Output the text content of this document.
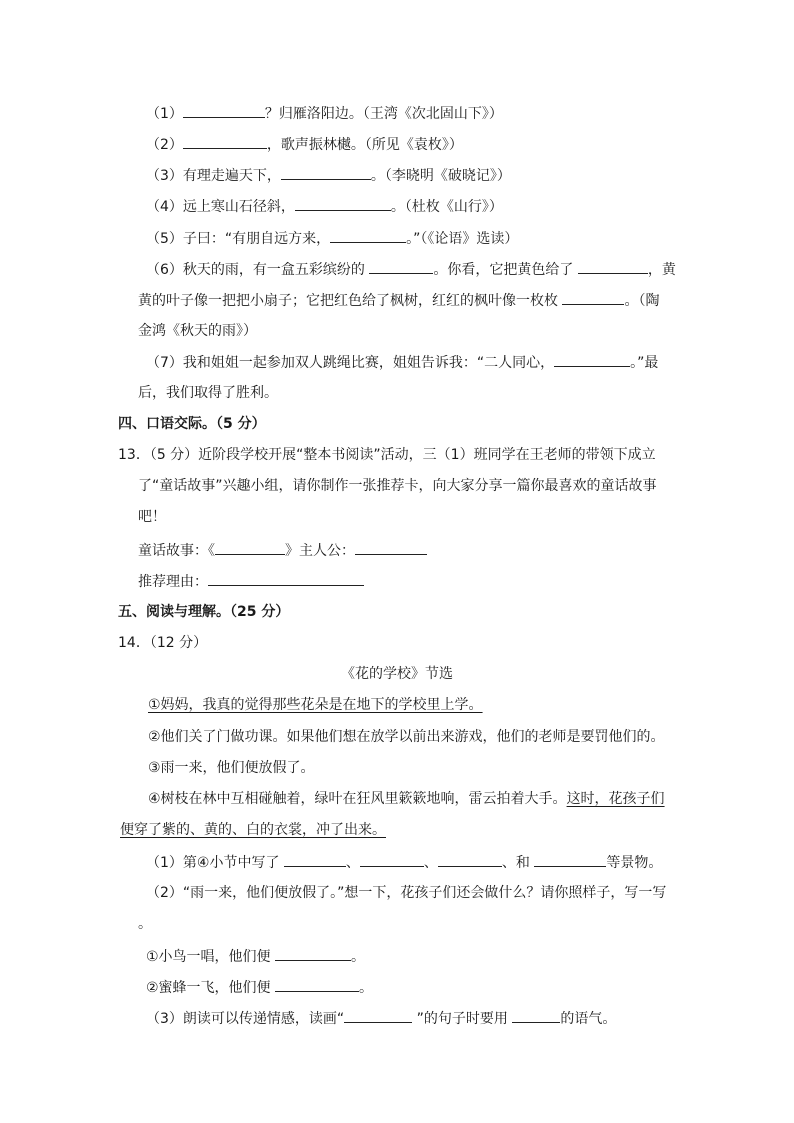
（1）	？归雁洛阳边。（王湾《次北固山下》）
（2）	，歌声振林樾。（所见《袁枚》）
（3）有理走遍天下，	。（李晓明《破晓记》）
（4）远上寒山石径斜，	。（杜枚《山行》）
（5）子曰：“有朋自远方来，	。”（《论语》选读）
（6）秋天的雨，有一盒五彩缤纷的	。你看，它把黄色给了	，黄
黄的叶子像一把把小扇子；它把红色给了枫树，红红的枫叶像一枚枚	。（陶
金鸿《秋天的雨》）
（7）我和姐姐一起参加双人跳绳比赛，姐姐告诉我：“二人同心，	。”最
后，我们取得了胜利。
四、口语交际。（5 分）
13．（5 分）近阶段学校开展“整本书阅读”活动，三（1）班同学在王老师的带领下成立
了“童话故事”兴趣小组，请你制作一张推荐卡，向大家分享一篇你最喜欢的童话故事
吧！
童话故事：《	》主人公：
推荐理由：
五、阅读与理解。（25 分）
14．（12 分）
《花的学校》节选
①妈妈，我真的觉得那些花朵是在地下的学校里上学。
②他们关了门做功课。如果他们想在放学以前出来游戏，他们的老师是要罚他们的。
③雨一来，他们便放假了。
④树枝在林中互相碰触着，绿叶在狂风里簌簌地响，雷云拍着大手。这时，花孩子们
便穿了紫的、黄的、白的衣裳，冲了出来。
（1）第④小节中写了	、	、	、和	等景物。
（2）“雨一来，他们便放假了。”想一下，花孩子们还会做什么？请你照样子，写一写
。
①小鸟一唱，他们便	。
②蜜蜂一飞，他们便	。
（3）朗读可以传递情感，读画“	”的句子时要用	的语气。
